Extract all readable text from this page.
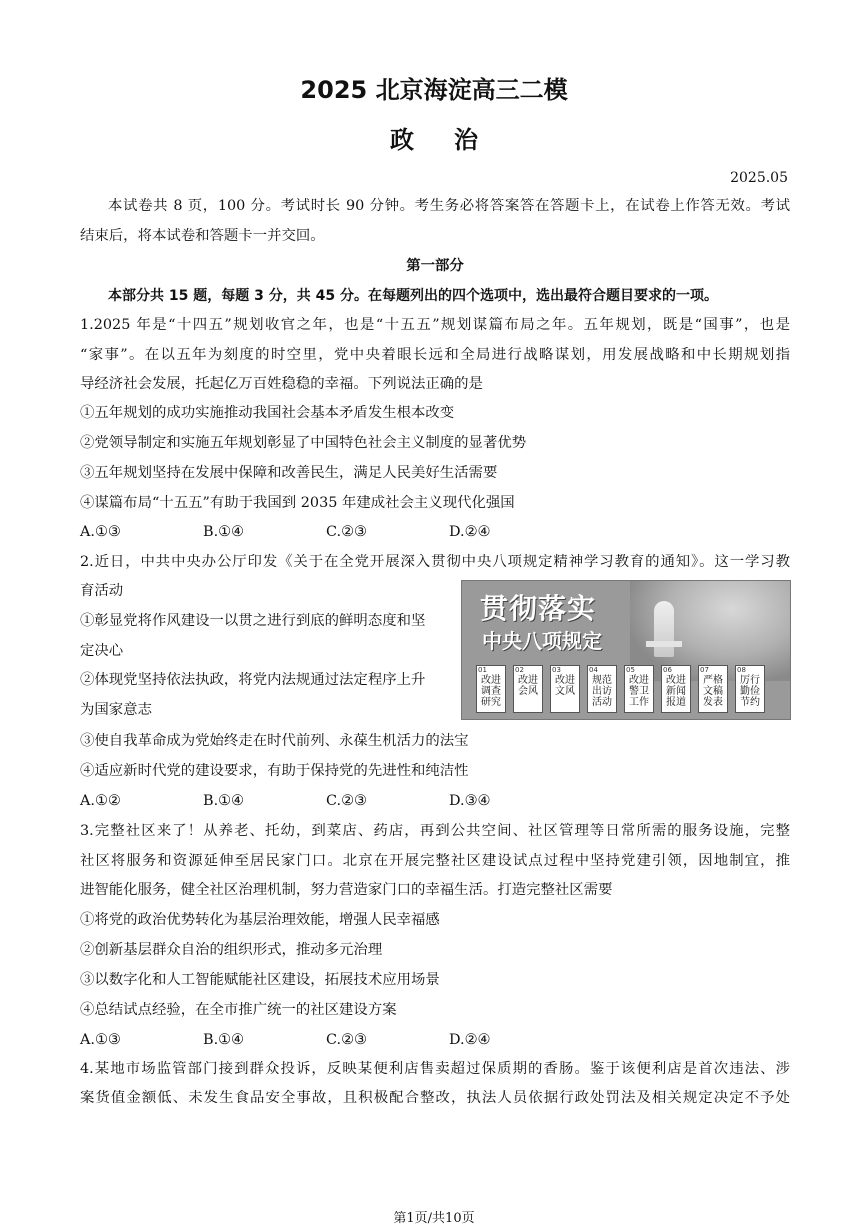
2025 北京海淀高三二模
政治
2025.05
本试卷共 8 页，100 分。考试时长 90 分钟。考生务必将答案答在答题卡上，在试卷上作答无效。考试
结束后，将本试卷和答题卡一并交回。
第一部分
本部分共 15 题，每题 3 分，共 45 分。在每题列出的四个选项中，选出最符合题目要求的一项。
1.2025 年是“十四五”规划收官之年，也是“十五五”规划谋篇布局之年。五年规划，既是“国事”，也是
“家事”。在以五年为刻度的时空里，党中央着眼长远和全局进行战略谋划，用发展战略和中长期规划指
导经济社会发展，托起亿万百姓稳稳的幸福。下列说法正确的是
①五年规划的成功实施推动我国社会基本矛盾发生根本改变
②党领导制定和实施五年规划彰显了中国特色社会主义制度的显著优势
③五年规划坚持在发展中保障和改善民生，满足人民美好生活需要
④谋篇布局“十五五”有助于我国到 2035 年建成社会主义现代化强国
A.①③	B.①④	C.②③	D.②④
2.近日，中共中央办公厅印发《关于在全党开展深入贯彻中央八项规定精神学习教育的通知》。这一学习教
育活动
①彰显党将作风建设一以贯之进行到底的鲜明态度和坚
定决心
②体现党坚持依法执政，将党内法规通过法定程序上升
为国家意志
③使自我革命成为党始终走在时代前列、永葆生机活力的法宝
④适应新时代党的建设要求，有助于保持党的先进性和纯洁性
A.①②	B.①④	C.②③	D.③④
贯彻落实
中央八项规定
01
改进调查研究
02
改进会风
03
改进文风
04
规范出访活动
05
改进警卫工作
06
改进新闻报道
07
严格文稿发表
08
厉行勤俭节约
3.完整社区来了！从养老、托幼，到菜店、药店，再到公共空间、社区管理等日常所需的服务设施，完整
社区将服务和资源延伸至居民家门口。北京在开展完整社区建设试点过程中坚持党建引领，因地制宜，推
进智能化服务，健全社区治理机制，努力营造家门口的幸福生活。打造完整社区需要
①将党的政治优势转化为基层治理效能，增强人民幸福感
②创新基层群众自治的组织形式，推动多元治理
③以数字化和人工智能赋能社区建设，拓展技术应用场景
④总结试点经验，在全市推广统一的社区建设方案
A.①③	B.①④	C.②③	D.②④
4.某地市场监管部门接到群众投诉，反映某便利店售卖超过保质期的香肠。鉴于该便利店是首次违法、涉
案货值金额低、未发生食品安全事故，且积极配合整改，执法人员依据行政处罚法及相关规定决定不予处
第1页/共10页
